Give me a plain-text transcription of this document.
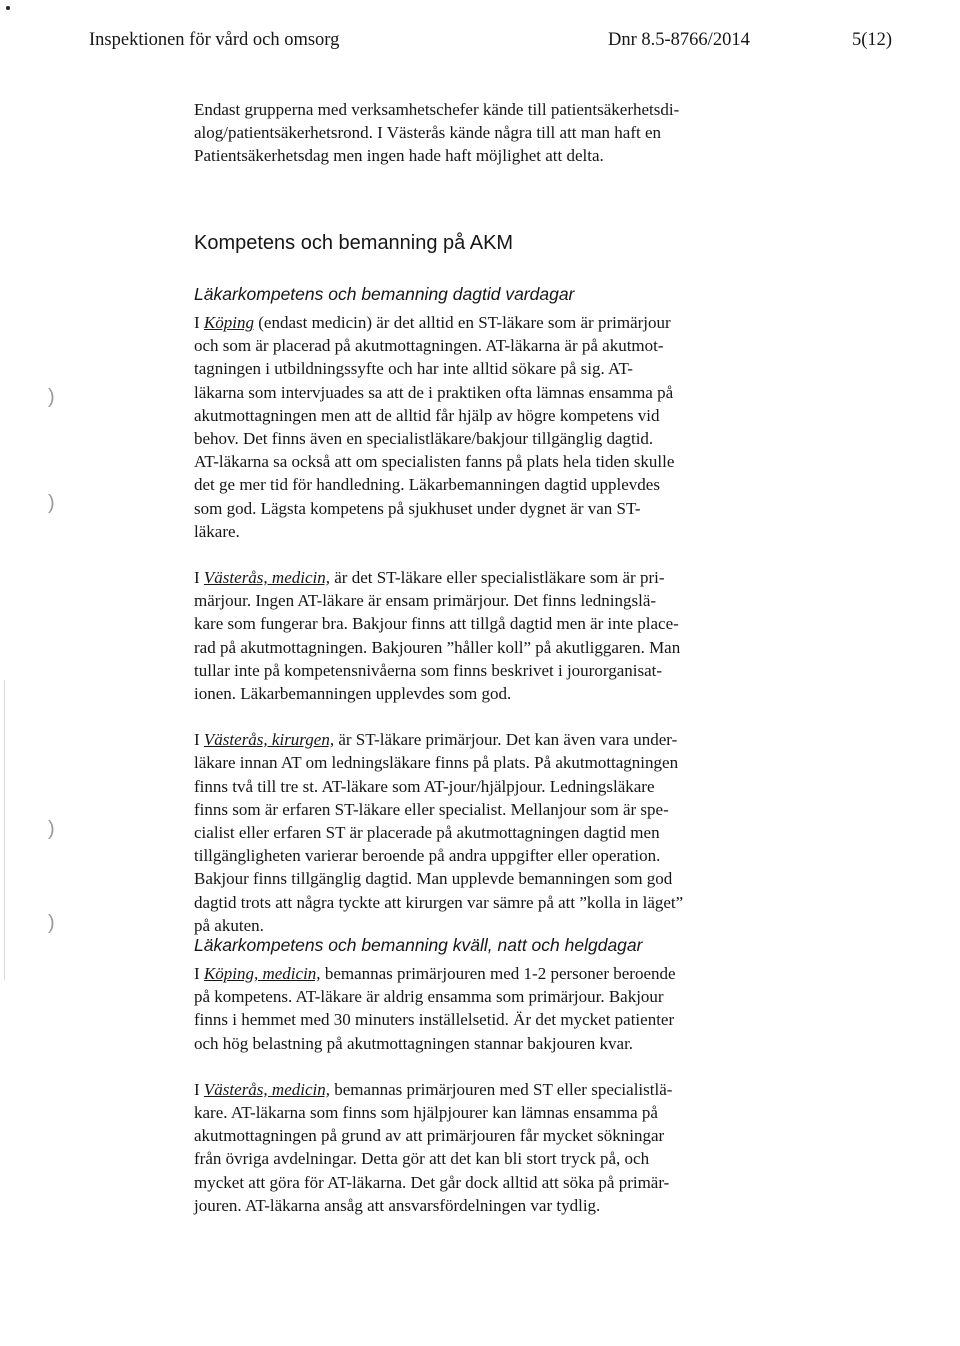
Inspektionen för vård och omsorg	Dnr 8.5-8766/2014	5(12)
Endast grupperna med verksamhetschefer kände till patientsäkerhetsdi-
alog/patientsäkerhetsrond. I Västerås kände några till att man haft en
Patientsäkerhetsdag men ingen hade haft möjlighet att delta.
Kompetens och bemanning på AKM
Läkarkompetens och bemanning dagtid vardagar

I Köping (endast medicin) är det alltid en ST-läkare som är primärjour
och som är placerad på akutmottagningen. AT-läkarna är på akutmot-
tagningen i utbildningssyfte och har inte alltid sökare på sig. AT-
läkarna som intervjuades sa att de i praktiken ofta lämnas ensamma på
akutmottagningen men att de alltid får hjälp av högre kompetens vid
behov. Det finns även en specialistläkare/bakjour tillgänglig dagtid.
AT-läkarna sa också att om specialisten fanns på plats hela tiden skulle
det ge mer tid för handledning. Läkarbemanningen dagtid upplevdes
som god. Lägsta kompetens på sjukhuset under dygnet är van ST-
läkare.

I Västerås, medicin, är det ST-läkare eller specialistläkare som är pri-
märjour. Ingen AT-läkare är ensam primärjour. Det finns ledningslä-
kare som fungerar bra. Bakjour finns att tillgå dagtid men är inte place-
rad på akutmottagningen. Bakjouren ”håller koll” på akutliggaren. Man
tullar inte på kompetensnivåerna som finns beskrivet i jourorganisat-
ionen. Läkarbemanningen upplevdes som god.

I Västerås, kirurgen, är ST-läkare primärjour. Det kan även vara under-
läkare innan AT om ledningsläkare finns på plats. På akutmottagningen
finns två till tre st. AT-läkare som AT-jour/hjälpjour. Ledningsläkare
finns som är erfaren ST-läkare eller specialist. Mellanjour som är spe-
cialist eller erfaren ST är placerade på akutmottagningen dagtid men
tillgängligheten varierar beroende på andra uppgifter eller operation.
Bakjour finns tillgänglig dagtid. Man upplevde bemanningen som god
dagtid trots att några tyckte att kirurgen var sämre på att ”kolla in läget”
på akuten.

Läkarkompetens och bemanning kväll, natt och helgdagar

I Köping, medicin, bemannas primärjouren med 1-2 personer beroende
på kompetens. AT-läkare är aldrig ensamma som primärjour. Bakjour
finns i hemmet med 30 minuters inställelsetid. Är det mycket patienter
och hög belastning på akutmottagningen stannar bakjouren kvar.

I Västerås, medicin, bemannas primärjouren med ST eller specialistlä-
kare. AT-läkarna som finns som hjälpjourer kan lämnas ensamma på
akutmottagningen på grund av att primärjouren får mycket sökningar
från övriga avdelningar. Detta gör att det kan bli stort tryck på, och
mycket att göra för AT-läkarna. Det går dock alltid att söka på primär-
jouren. AT-läkarna ansåg att ansvarsfördelningen var tydlig.

)
)
)
)
